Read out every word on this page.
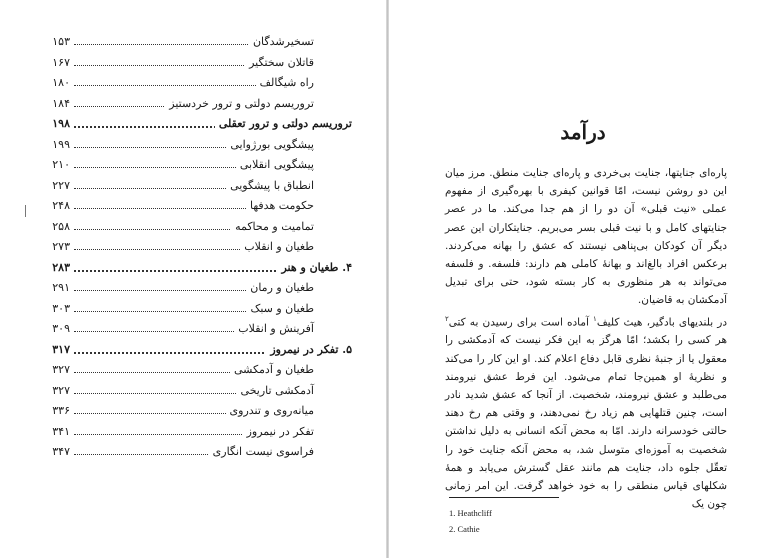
۱۵۳	تسخیرشدگان
۱۶۷	قاتلان سختگیر
۱۸۰	راه شیگالف
۱۸۴	تروریسم دولتی و ترور خردستیز
۱۹۸	تروریسم دولتی و ترور تعقلی
۱۹۹	پیشگویی بورژوایی
۲۱۰	پیشگویی انقلابی
۲۲۷	انطباق با پیشگویی
۲۴۸	حکومت هدفها
۲۵۸	تمامیت و محاکمه
۲۷۳	طغیان و انقلاب
۲۸۳	۴. طغیان و هنر
۲۹۱	طغیان و رمان
۳۰۳	طغیان و سبک
۳۰۹	آفرینش و انقلاب
۳۱۷	۵. تفکر در نیمروز
۳۲۷	طغیان و آدمکشی
۳۲۷	آدمکشی تاریخی
۳۳۶	میانه‌روی و تندروی
۳۴۱	تفکر در نیمروز
۳۴۷	فراسوی نیست انگاری
درآمد

پاره‌ای جنایتها، جنایت بی‌خردی و پاره‌ای جنایت منطق. مرز میان این دو روشن نیست، امّا قوانین کیفری با بهره‌گیری از مفهوم عملی «نیت قبلی» آن دو را از هم جدا می‌کند. ما در عصر جنایتهای کامل و با نیت قبلی بسر می‌بریم. جنایتکاران این عصر دیگر آن کودکان بی‌پناهی نیستند که عشق را بهانه می‌کردند. برعکس افراد بالغ‌اند و بهانهٔ کاملی هم دارند: فلسفه. و فلسفه می‌تواند به هر منظوری به کار بسته شود، حتی برای تبدیل آدمکشان به قاضیان.

در بلندیهای بادگیر، هیث کلیف$^۱$ آماده است برای رسیدن به کتی$^۲$ هر کسی را بکشد؛ امّا هرگز به این فکر نیست که آدمکشی را معقول یا از جنبهٔ نظری قابل دفاع اعلام کند. او این کار را می‌کند و نظریهٔ او همین‌جا تمام می‌شود. این فرط عشق نیرومند می‌طلبد و عشق نیرومند، شخصیت. از آنجا که عشق شدید نادر است، چنین قتلهایی هم زیاد رخ نمی‌دهند، و وقتی هم رخ دهند حالتی خودسرانه دارند. امّا به محض آنکه انسانی به دلیل نداشتن شخصیت به آموزه‌ای متوسل شد، به محض آنکه جنایت خود را تعقّل جلوه داد، جنایت هم مانند عقل گسترش می‌یابد و همهٔ شکلهای قیاس منطقی را به خود خواهد گرفت. این امر زمانی چون یک

1. Heathcliff
2. Cathie
